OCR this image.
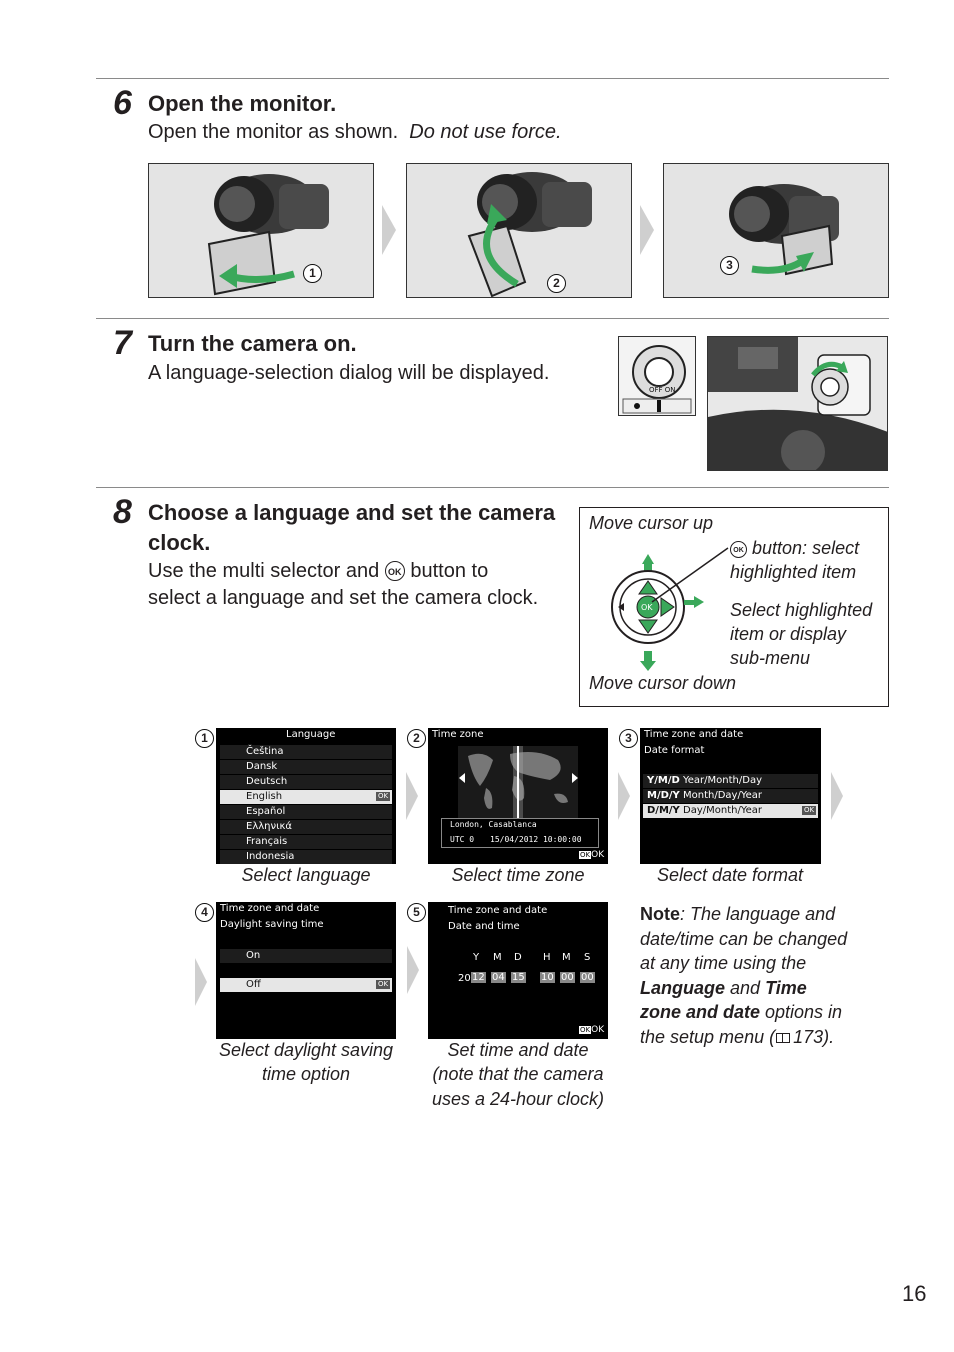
6 Open the monitor.
Open the monitor as shown. Do not use force.
1
2
3
7 Turn the camera on.
A language-selection dialog will be displayed.
OFF ON
8 Choose a language and set the camera
clock.
Use the multi selector and OK button to
select a language and set the camera clock.
Move cursor up
OK button: select
highlighted item
Select highlighted
item or display
sub-menu
Move cursor down
OK
1	Language
Čeština
Dansk
Deutsch
English	OK
Español
Ελληνικά
Français
Indonesia
Select language
2	Time zone
London, Casablanca
UTC 0 15/04/2012 10:00:00
OKOK
Select time zone
3	Time zone and date
Date format
Y/M/D Year/Month/Day
M/D/Y Month/Day/Year
D/M/Y Day/Month/Year	OK
Select date format
4	Time zone and date
Daylight saving time
On
Off	OK
Select daylight saving
time option
5	Time zone and date
Date and time
Y M D H M S
20 12 04 15 10 00 00
OKOK
Set time and date
(note that the camera
uses a 24-hour clock)
Note: The language and
date/time can be changed
at any time using the
Language and Time
zone and date options in
the setup menu ( 173).
16
